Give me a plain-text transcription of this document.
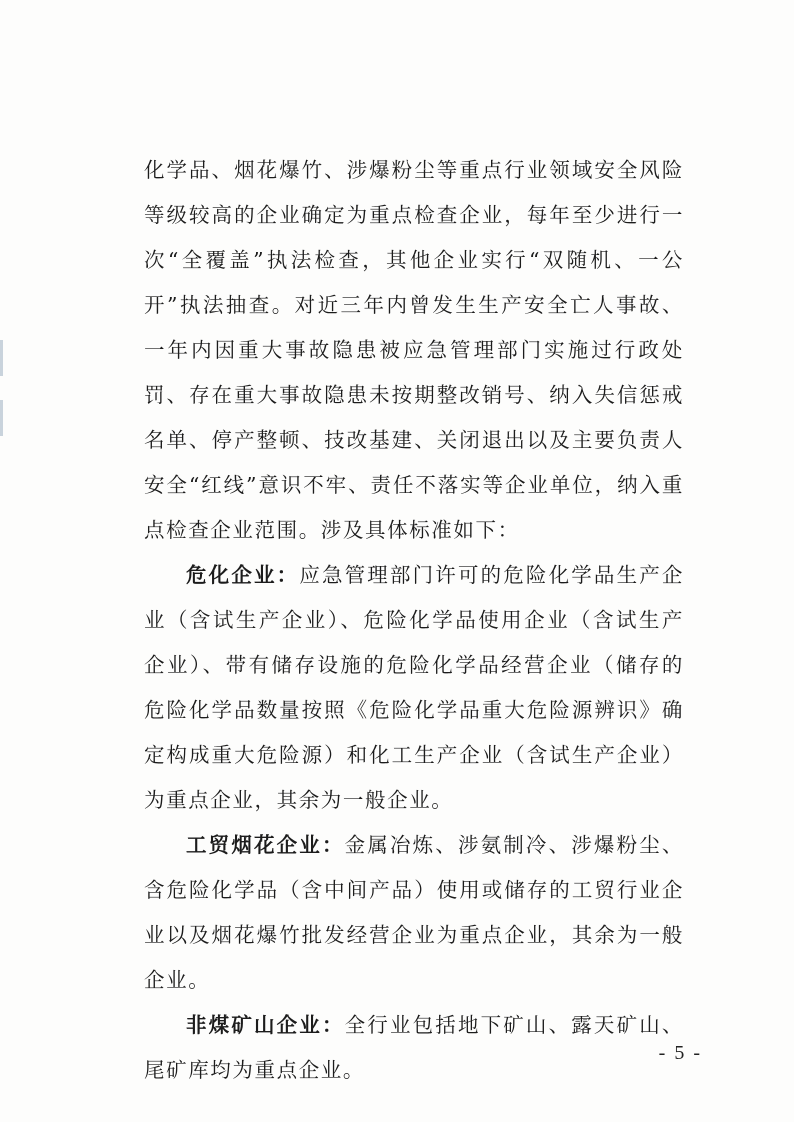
化学品、烟花爆竹、涉爆粉尘等重点行业领域安全风险等级较高的企业确定为重点检查企业，每年至少进行一次“全覆盖”执法检查，其他企业实行“双随机、一公开”执法抽查。对近三年内曾发生生产安全亡人事故、一年内因重大事故隐患被应急管理部门实施过行政处罚、存在重大事故隐患未按期整改销号、纳入失信惩戒名单、停产整顿、技改基建、关闭退出以及主要负责人安全“红线”意识不牢、责任不落实等企业单位，纳入重点检查企业范围。涉及具体标准如下：

危化企业：应急管理部门许可的危险化学品生产企业（含试生产企业）、危险化学品使用企业（含试生产企业）、带有储存设施的危险化学品经营企业（储存的危险化学品数量按照《危险化学品重大危险源辨识》确定构成重大危险源）和化工生产企业（含试生产企业）为重点企业，其余为一般企业。

工贸烟花企业：金属冶炼、涉氨制冷、涉爆粉尘、含危险化学品（含中间产品）使用或储存的工贸行业企业以及烟花爆竹批发经营企业为重点企业，其余为一般企业。

非煤矿山企业：全行业包括地下矿山、露天矿山、尾矿库均为重点企业。

- 5 -
